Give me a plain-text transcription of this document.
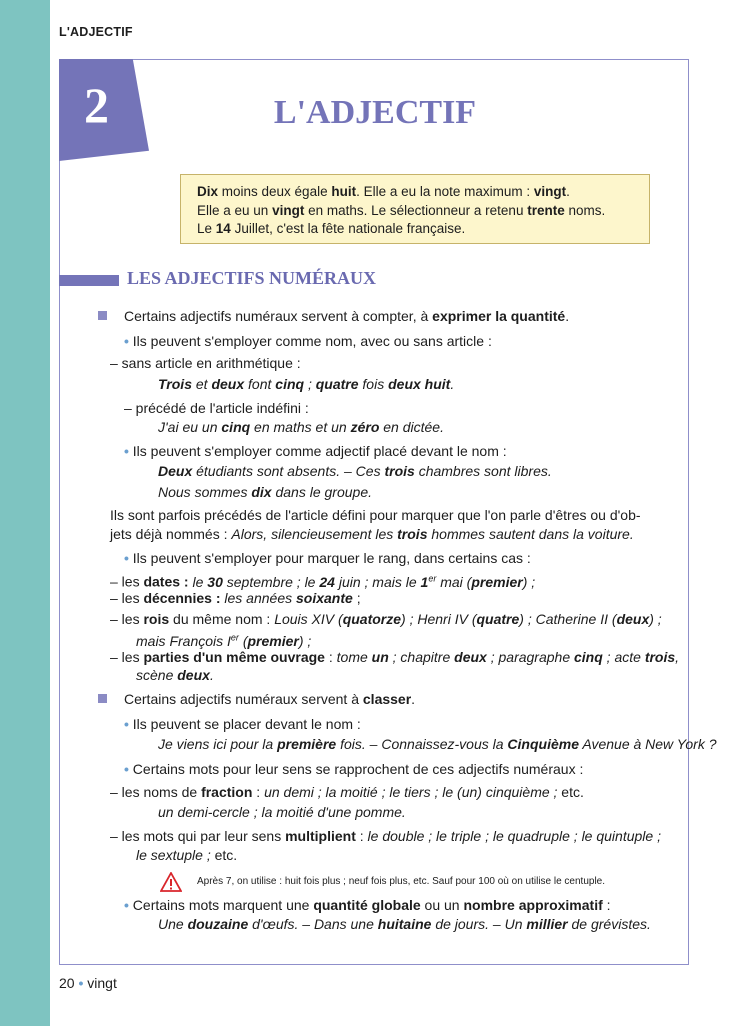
L'ADJECTIF
2	L'ADJECTIF
Dix moins deux égale huit. Elle a eu la note maximum : vingt.
Elle a eu un vingt en maths. Le sélectionneur a retenu trente noms.
Le 14 Juillet, c'est la fête nationale française.
LES ADJECTIFS NUMÉRAUX
Certains adjectifs numéraux servent à compter, à exprimer la quantité.
• Ils peuvent s'employer comme nom, avec ou sans article :
– sans article en arithmétique :
Trois et deux font cinq ; quatre fois deux huit.
– précédé de l'article indéfini :
J'ai eu un cinq en maths et un zéro en dictée.
• Ils peuvent s'employer comme adjectif placé devant le nom :
Deux étudiants sont absents. – Ces trois chambres sont libres.
Nous sommes dix dans le groupe.
Ils sont parfois précédés de l'article défini pour marquer que l'on parle d'êtres ou d'ob-
jets déjà nommés : Alors, silencieusement les trois hommes sautent dans la voiture.
• Ils peuvent s'employer pour marquer le rang, dans certains cas :
– les dates : le 30 septembre ; le 24 juin ; mais le 1er mai (premier) ;
– les décennies : les années soixante ;
– les rois du même nom : Louis XIV (quatorze) ; Henri IV (quatre) ; Catherine II (deux) ;
mais François Ier (premier) ;
– les parties d'un même ouvrage : tome un ; chapitre deux ; paragraphe cinq ; acte trois,
scène deux.
Certains adjectifs numéraux servent à classer.
• Ils peuvent se placer devant le nom :
Je viens ici pour la première fois. – Connaissez-vous la Cinquième Avenue à New York ?
• Certains mots pour leur sens se rapprochent de ces adjectifs numéraux :
– les noms de fraction : un demi ; la moitié ; le tiers ; le (un) cinquième ; etc.
un demi-cercle ; la moitié d'une pomme.
– les mots qui par leur sens multiplient : le double ; le triple ; le quadruple ; le quintuple ;
le sextuple ; etc.
Après 7, on utilise : huit fois plus ; neuf fois plus, etc. Sauf pour 100 où on utilise le centuple.
• Certains mots marquent une quantité globale ou un nombre approximatif :
Une douzaine d'œufs. – Dans une huitaine de jours. – Un millier de grévistes.
20 • vingt
